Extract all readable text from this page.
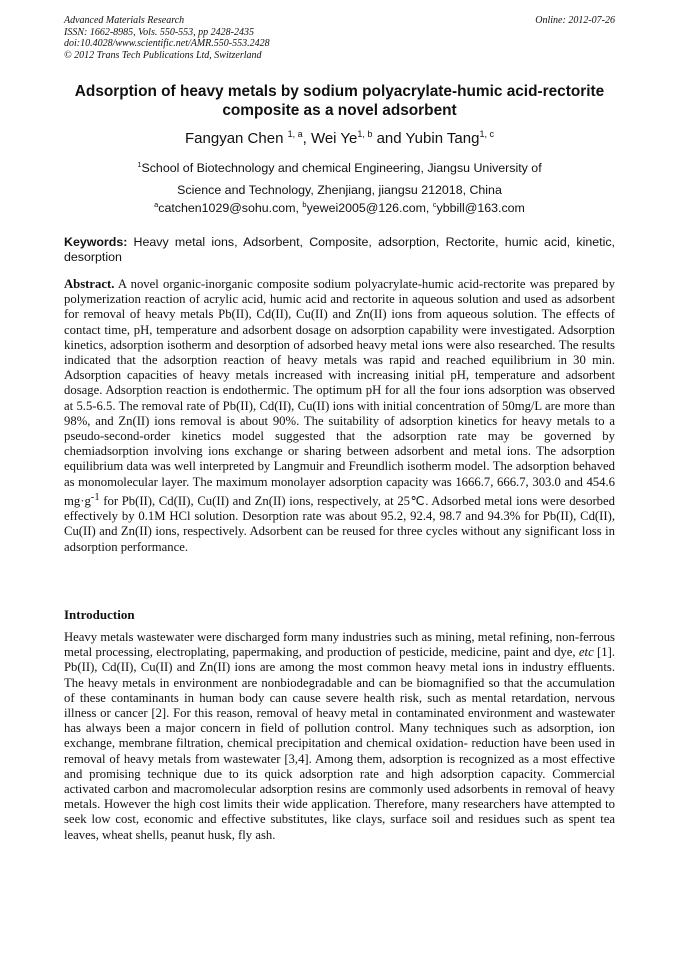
Advanced Materials Research
ISSN: 1662-8985, Vols. 550-553, pp 2428-2435
doi:10.4028/www.scientific.net/AMR.550-553.2428
© 2012 Trans Tech Publications Ltd, Switzerland
Online: 2012-07-26
Adsorption of heavy metals by sodium polyacrylate-humic acid-rectorite
composite as a novel adsorbent
Fangyan Chen $^{1, a}$, Wei Ye$^{1, b}$ and Yubin Tang$^{1, c}$
$^1$School of Biotechnology and chemical Engineering, Jiangsu University of
Science and Technology, Zhenjiang, jiangsu 212018, China
$^a$catchen1029@sohu.com, $^b$yewei2005@126.com, $^c$ybbill@163.com
Keywords: Heavy metal ions, Adsorbent, Composite, adsorption, Rectorite, humic acid, kinetic, desorption
Abstract. A novel organic-inorganic composite sodium polyacrylate-humic acid-rectorite was prepared by polymerization reaction of acrylic acid, humic acid and rectorite in aqueous solution and used as adsorbent for removal of heavy metals Pb(II), Cd(II), Cu(II) and Zn(II) ions from aqueous solution. The effects of contact time, pH, temperature and adsorbent dosage on adsorption capability were investigated. Adsorption kinetics, adsorption isotherm and desorption of adsorbed heavy metal ions were also researched. The results indicated that the adsorption reaction of heavy metals was rapid and reached equilibrium in 30 min. Adsorption capacities of heavy metals increased with increasing initial pH, temperature and adsorbent dosage. Adsorption reaction is endothermic. The optimum pH for all the four ions adsorption was observed at 5.5-6.5. The removal rate of Pb(II), Cd(II), Cu(II) ions with initial concentration of 50mg/L are more than 98%, and Zn(II) ions removal is about 90%. The suitability of adsorption kinetics for heavy metals to a pseudo-second-order kinetics model suggested that the adsorption rate may be governed by chemiadsorption involving ions exchange or sharing between adsorbent and metal ions. The adsorption equilibrium data was well interpreted by Langmuir and Freundlich isotherm model. The adsorption behaved as monomolecular layer. The maximum monolayer adsorption capacity was 1666.7, 666.7, 303.0 and 454.6 $mg\cdot g^{-1}$ for Pb(II), Cd(II), Cu(II) and Zn(II) ions, respectively, at 25℃. Adsorbed metal ions were desorbed effectively by 0.1M HCl solution. Desorption rate was about 95.2, 92.4, 98.7 and 94.3% for Pb(II), Cd(II), Cu(II) and Zn(II) ions, respectively. Adsorbent can be reused for three cycles without any significant loss in adsorption performance.
Introduction
Heavy metals wastewater were discharged form many industries such as mining, metal refining, non-ferrous metal processing, electroplating, papermaking, and production of pesticide, medicine, paint and dye, etc [1]. Pb(II), Cd(II), Cu(II) and Zn(II) ions are among the most common heavy metal ions in industry effluents. The heavy metals in environment are nonbiodegradable and can be biomagnified so that the accumulation of these contaminants in human body can cause severe health risk, such as mental retardation, nervous illness or cancer [2]. For this reason, removal of heavy metal in contaminated environment and wastewater has always been a major concern in field of pollution control. Many techniques such as adsorption, ion exchange, membrane filtration, chemical precipitation and chemical oxidation- reduction have been used in removal of heavy metals from wastewater [3,4]. Among them, adsorption is recognized as a most effective and promising technique due to its quick adsorption rate and high adsorption capacity. Commercial activated carbon and macromolecular adsorption resins are commonly used adsorbents in removal of heavy metals. However the high cost limits their wide application. Therefore, many researchers have attempted to seek low cost, economic and effective substitutes, like clays, surface soil and residues such as spent tea leaves, wheat shells, peanut husk, fly ash.
